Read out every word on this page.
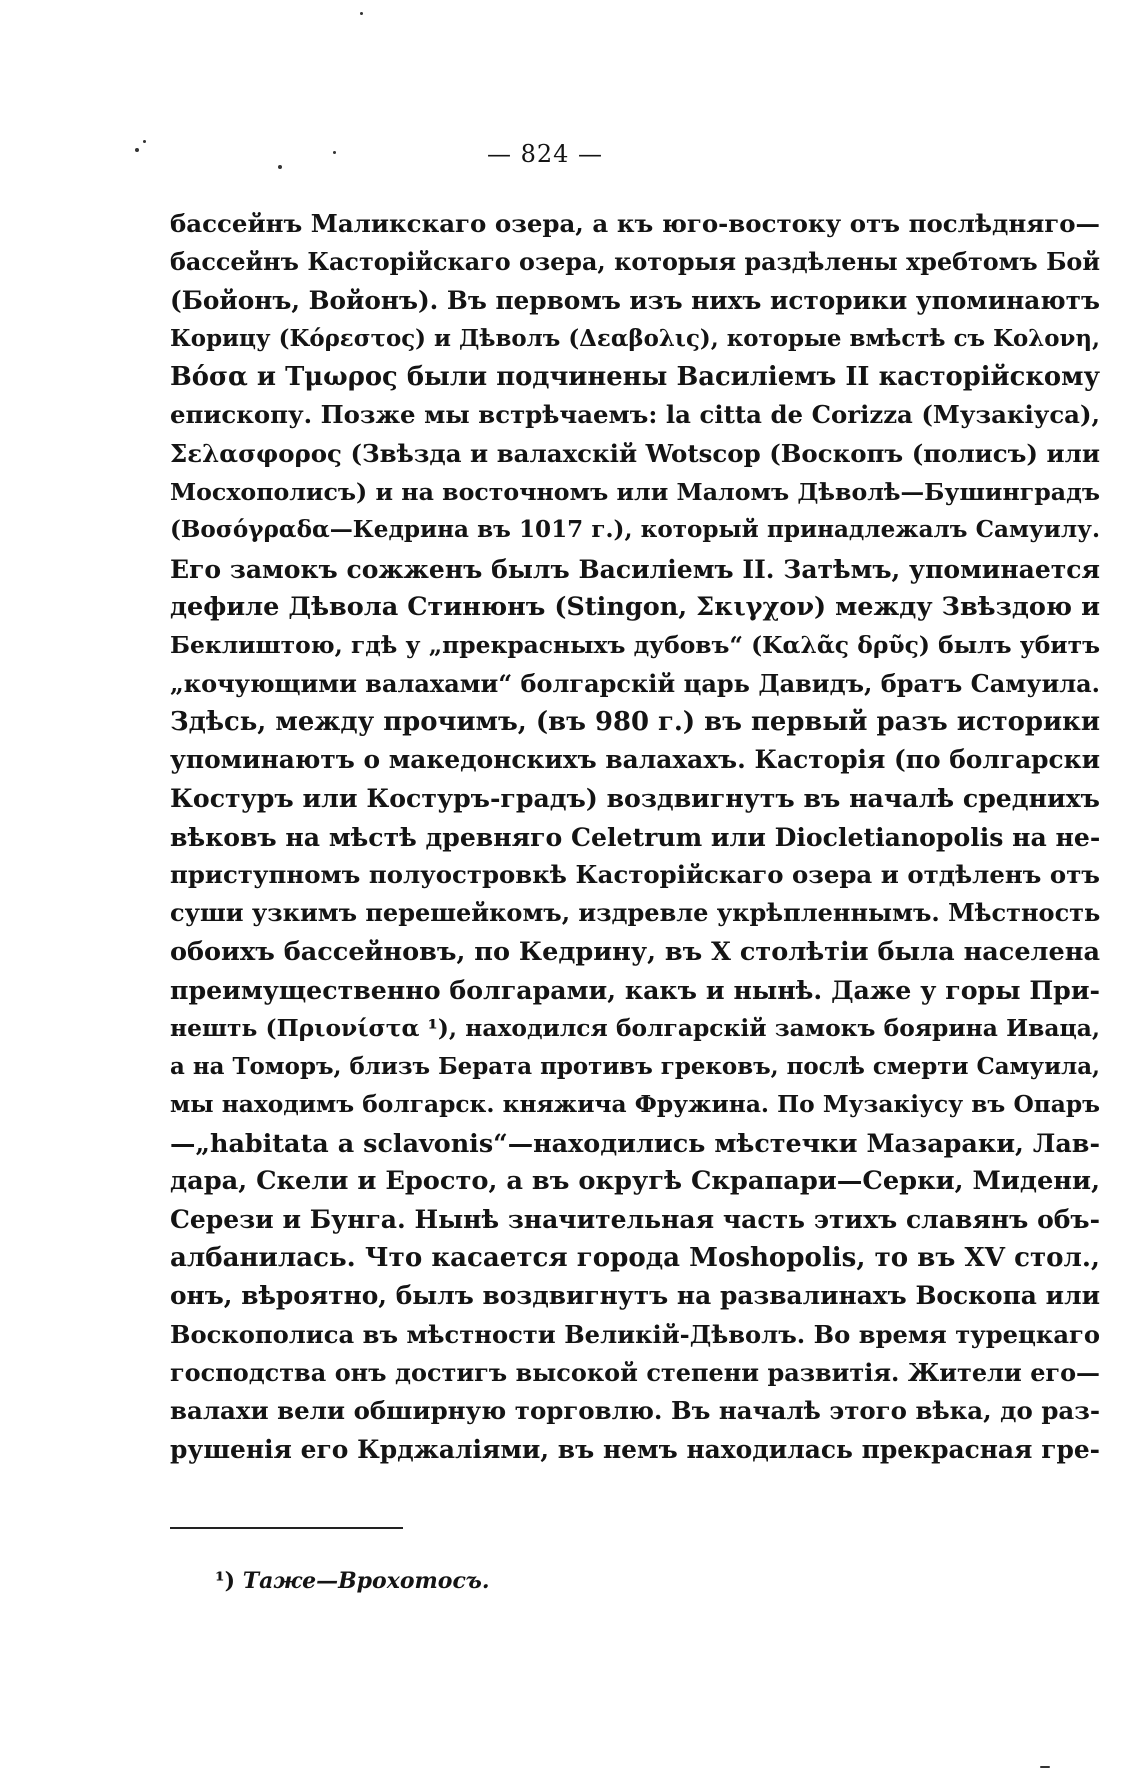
— 824 —
бассейнъ Маликскаго озера, а къ юго-востоку отъ послѣдняго—
бассейнъ Касторійскаго озера, которыя раздѣлены хребтомъ Бой
(Бойонъ, Войонъ). Въ первомъ изъ нихъ историки упоминаютъ
Корицу (Κόρεστος) и Дѣволъ (Δεαβολις), которые вмѣстѣ съ Κολονη,
Βόσα и Τμωρος были подчинены Василіемъ II касторійскому
епископу. Позже мы встрѣчаемъ: la citta de Corizza (Музакіуса),
Σελασφορος (Звѣзда и валахскій Wotscop (Воскопъ (полисъ) или
Мосхополисъ) и на восточномъ или Маломъ Дѣволѣ—Бушинградъ
(Βοσόγραδα—Кедрина въ 1017 г.), который принадлежалъ Самуилу.
Его замокъ сожженъ былъ Василіемъ II. Затѣмъ, упоминается
дефиле Дѣвола Стинюнъ (Stingon, Σκιγχον) между Звѣздою и
Беклиштою, гдѣ у „прекрасныхъ дубовъ“ (Καλᾶς δρῦς) былъ убитъ
„кочующими валахами“ болгарскій царь Давидъ, братъ Самуила.
Здѣсь, между прочимъ, (въ 980 г.) въ первый разъ историки
упоминаютъ о македонскихъ валахахъ. Касторія (по болгарски
Костуръ или Костуръ-градъ) воздвигнутъ въ началѣ среднихъ
вѣковъ на мѣстѣ древняго Celetrum или Diocletianopolis на не-
приступномъ полуостровкѣ Касторійскаго озера и отдѣленъ отъ
суши узкимъ перешейкомъ, издревле укрѣпленнымъ. Мѣстность
обоихъ бассейновъ, по Кедрину, въ X столѣтіи была населена
преимущественно болгарами, какъ и нынѣ. Даже у горы При-
нешть (Πριονίστα ¹), находился болгарскій замокъ боярина Иваца,
а на Томоръ, близъ Берата противъ грековъ, послѣ смерти Самуила,
мы находимъ болгарск. княжича Фружина. По Музакіусу въ Опаръ
—„habitata a sclavonis“—находились мѣстечки Мазараки, Лав-
дара, Скели и Еросто, а въ округѣ Скрапари—Серки, Мидени,
Серези и Бунга. Нынѣ значительная часть этихъ славянъ объ-
албанилась. Что касается города Moshopolis, то въ XV стол.,
онъ, вѣроятно, былъ воздвигнутъ на развалинахъ Воскопа или
Воскополиса въ мѣстности Великій-Дѣволъ. Во время турецкаго
господства онъ достигъ высокой степени развитія. Жители его—
валахи вели обширную торговлю. Въ началѣ этого вѣка, до раз-
рушенія его Крджаліями, въ немъ находилась прекрасная гре-
¹) Таже—Врохотосъ.
